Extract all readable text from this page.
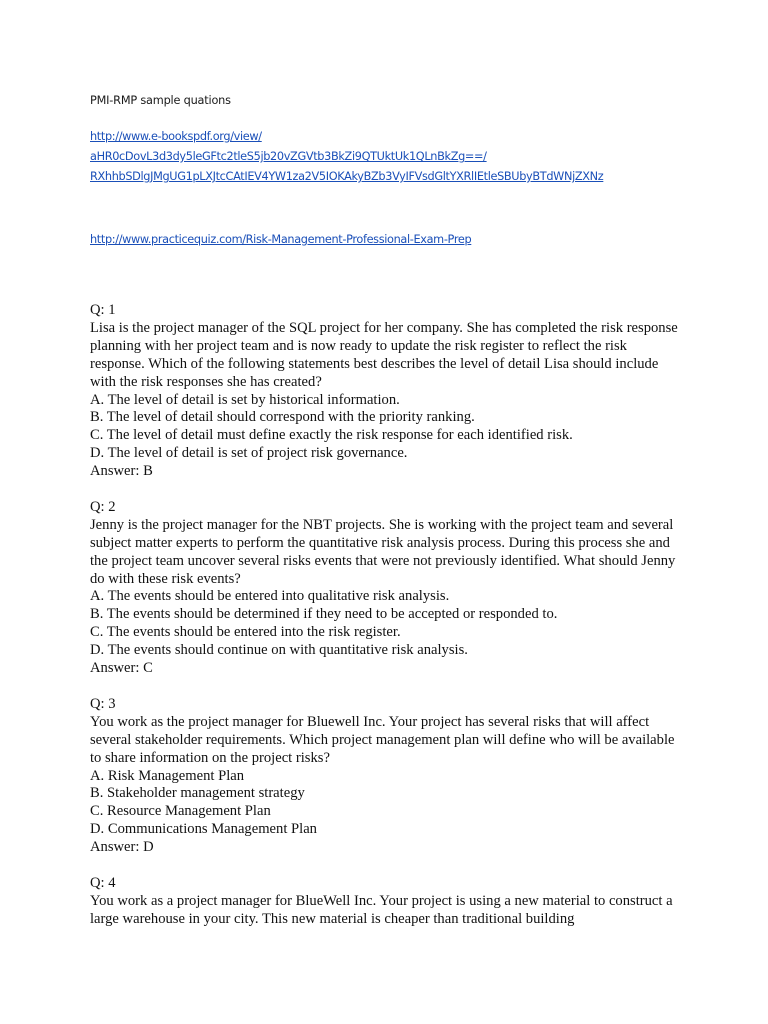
PMI-RMP sample quations
http://www.e-bookspdf.org/view/
aHR0cDovL3d3dy5leGFtc2tleS5jb20vZGVtb3BkZi9QTUktUk1QLnBkZg==/
RXhhbSDlgJMgUG1pLXJtcCAtIEV4YW1za2V5IOKAkyBZb3VyIFVsdGltYXRlIEtleSBUbyBTdWNjZXNz
http://www.practicequiz.com/Risk-Management-Professional-Exam-Prep
Q: 1
Lisa is the project manager of the SQL project for her company. She has completed the risk response planning with her project team and is now ready to update the risk register to reflect the risk response. Which of the following statements best describes the level of detail Lisa should include with the risk responses she has created?
A. The level of detail is set by historical information.
B. The level of detail should correspond with the priority ranking.
C. The level of detail must define exactly the risk response for each identified risk.
D. The level of detail is set of project risk governance.
Answer: B
Q: 2
Jenny is the project manager for the NBT projects. She is working with the project team and several subject matter experts to perform the quantitative risk analysis process. During this process she and the project team uncover several risks events that were not previously identified. What should Jenny do with these risk events?
A. The events should be entered into qualitative risk analysis.
B. The events should be determined if they need to be accepted or responded to.
C. The events should be entered into the risk register.
D. The events should continue on with quantitative risk analysis.
Answer: C
Q: 3
You work as the project manager for Bluewell Inc. Your project has several risks that will affect several stakeholder requirements. Which project management plan will define who will be available to share information on the project risks?
A. Risk Management Plan
B. Stakeholder management strategy
C. Resource Management Plan
D. Communications Management Plan
Answer: D
Q: 4
You work as a project manager for BlueWell Inc. Your project is using a new material to construct a large warehouse in your city. This new material is cheaper than traditional building
